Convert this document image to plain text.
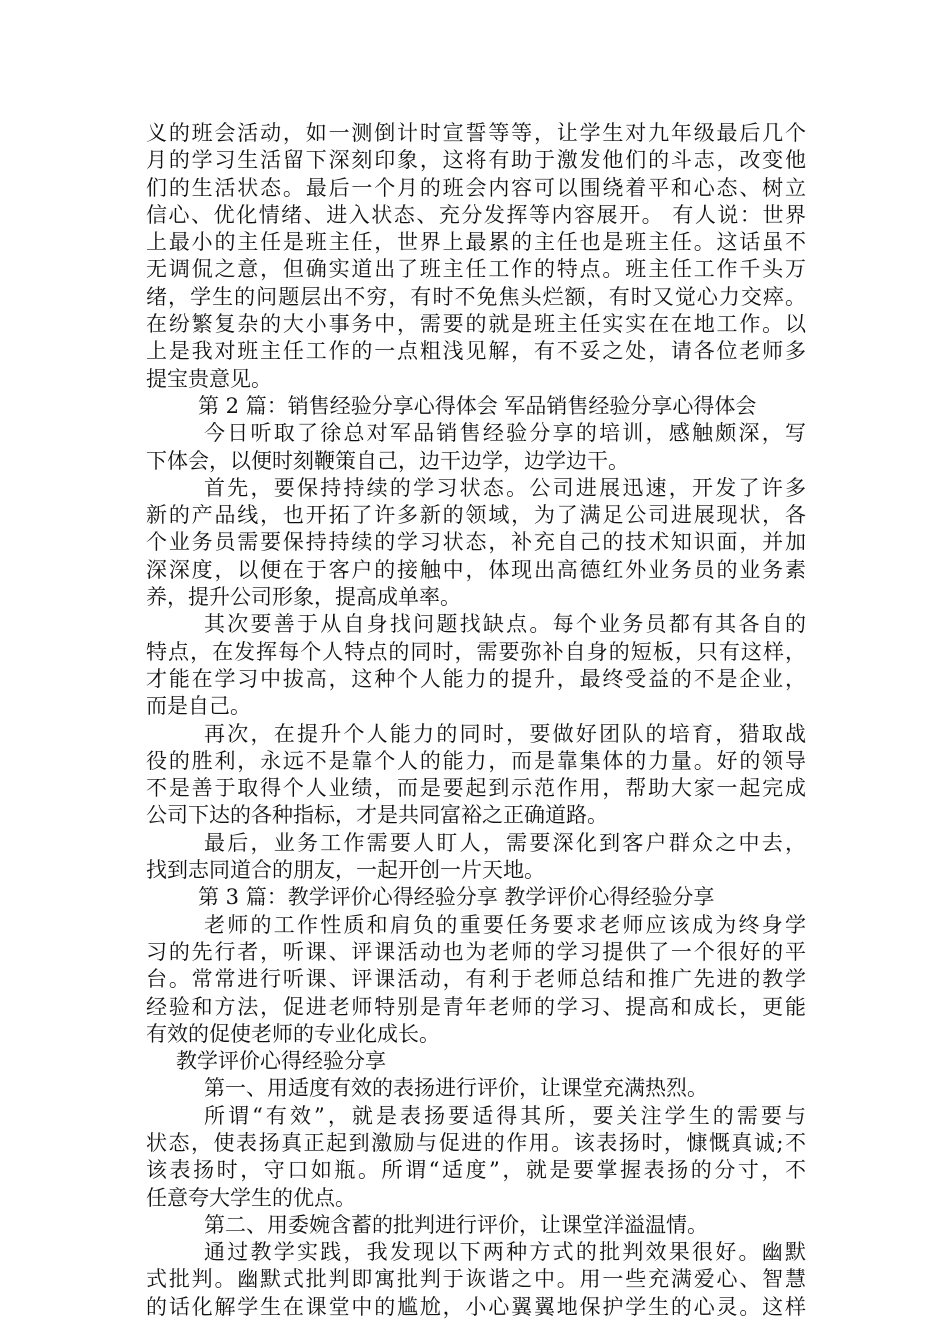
义的班会活动，如一测倒计时宣誓等等，让学生对九年级最后几个
月的学习生活留下深刻印象，这将有助于激发他们的斗志，改变他
们的生活状态。最后一个月的班会内容可以围绕着平和心态、树立
信心、优化情绪、进入状态、充分发挥等内容展开。 有人说：世界
上最小的主任是班主任，世界上最累的主任也是班主任。这话虽不
无调侃之意，但确实道出了班主任工作的特点。班主任工作千头万
绪，学生的问题层出不穷，有时不免焦头烂额，有时又觉心力交瘁。
在纷繁复杂的大小事务中，需要的就是班主任实实在在地工作。以
上是我对班主任工作的一点粗浅见解，有不妥之处，请各位老师多
提宝贵意见。
第 2 篇：销售经验分享心得体会 军品销售经验分享心得体会
今日听取了徐总对军品销售经验分享的培训，感触颇深，写
下体会，以便时刻鞭策自己，边干边学，边学边干。
首先，要保持持续的学习状态。公司进展迅速，开发了许多
新的产品线，也开拓了许多新的领域，为了满足公司进展现状，各
个业务员需要保持持续的学习状态，补充自己的技术知识面，并加
深深度，以便在于客户的接触中，体现出高德红外业务员的业务素
养，提升公司形象，提高成单率。
其次要善于从自身找问题找缺点。每个业务员都有其各自的
特点，在发挥每个人特点的同时，需要弥补自身的短板，只有这样，
才能在学习中拔高，这种个人能力的提升，最终受益的不是企业，
而是自己。
再次，在提升个人能力的同时，要做好团队的培育，猎取战
役的胜利，永远不是靠个人的能力，而是靠集体的力量。好的领导
不是善于取得个人业绩，而是要起到示范作用，帮助大家一起完成
公司下达的各种指标，才是共同富裕之正确道路。
最后，业务工作需要人盯人，需要深化到客户群众之中去，
找到志同道合的朋友，一起开创一片天地。
第 3 篇：教学评价心得经验分享 教学评价心得经验分享
老师的工作性质和肩负的重要任务要求老师应该成为终身学
习的先行者，听课、评课活动也为老师的学习提供了一个很好的平
台。常常进行听课、评课活动，有利于老师总结和推广先进的教学
经验和方法，促进老师特别是青年老师的学习、提高和成长，更能
有效的促使老师的专业化成长。
教学评价心得经验分享
第一、用适度有效的表扬进行评价，让课堂充满热烈。
所谓“有效”，就是表扬要适得其所，要关注学生的需要与
状态，使表扬真正起到激励与促进的作用。该表扬时，慷慨真诚;不
该表扬时，守口如瓶。所谓“适度”，就是要掌握表扬的分寸，不
任意夸大学生的优点。
第二、用委婉含蓄的批判进行评价，让课堂洋溢温情。
通过教学实践，我发现以下两种方式的批判效果很好。幽默
式批判。幽默式批判即寓批判于诙谐之中。用一些充满爱心、智慧
的话化解学生在课堂中的尴尬，小心翼翼地保护学生的心灵。这样
